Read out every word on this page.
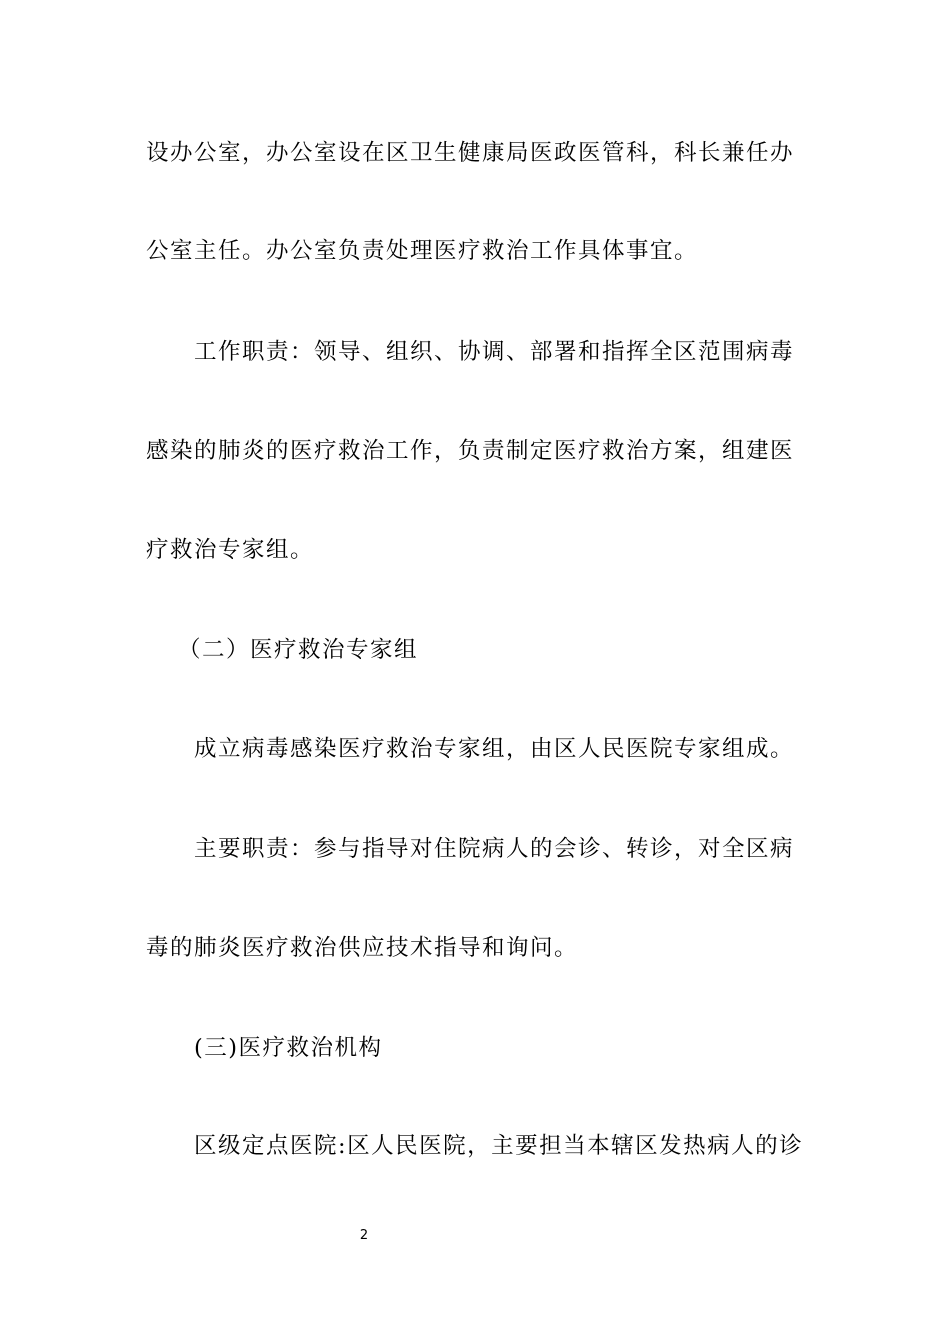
设办公室，办公室设在区卫生健康局医政医管科，科长兼任办
公室主任。办公室负责处理医疗救治工作具体事宜。
工作职责：领导、组织、协调、部署和指挥全区范围病毒
感染的肺炎的医疗救治工作，负责制定医疗救治方案，组建医
疗救治专家组。
（二）医疗救治专家组
成立病毒感染医疗救治专家组，由区人民医院专家组成。
主要职责：参与指导对住院病人的会诊、转诊，对全区病
毒的肺炎医疗救治供应技术指导和询问。
(三)医疗救治机构
区级定点医院:区人民医院，主要担当本辖区发热病人的诊
2
